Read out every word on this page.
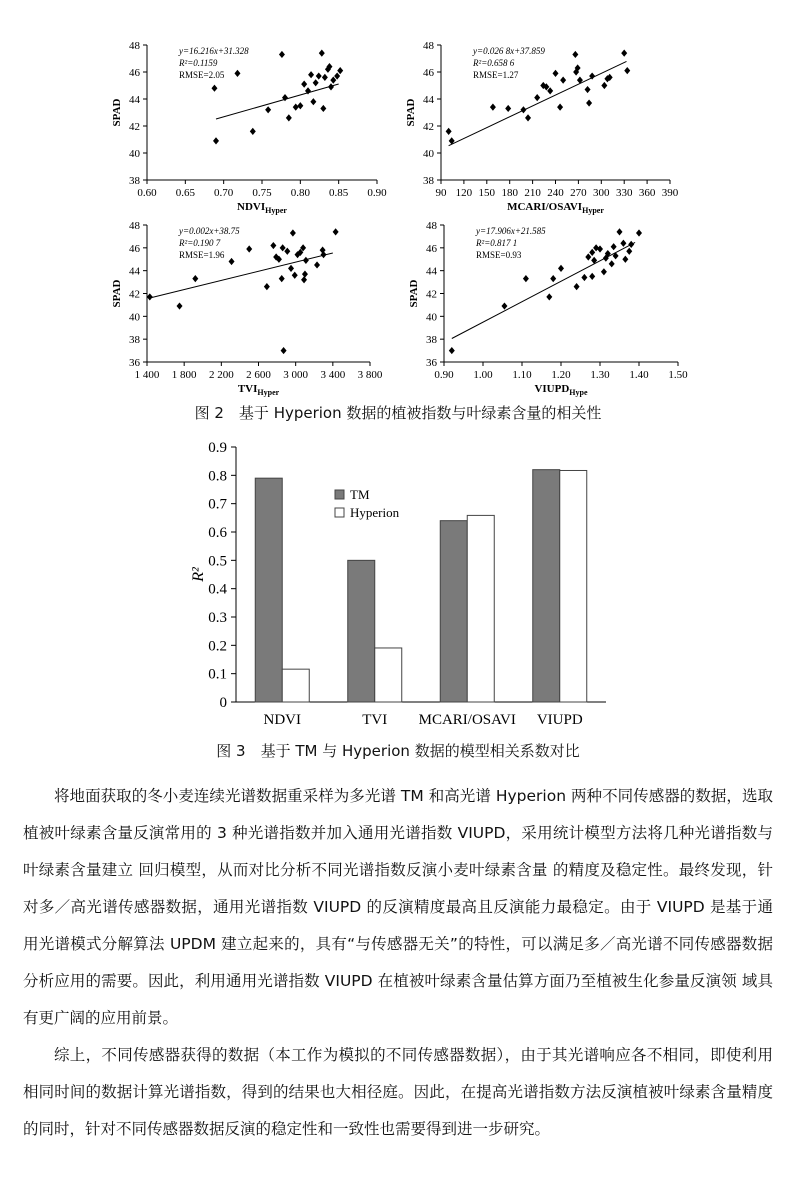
38
40
42
44
46
48
0.60 0.65 0.70 0.75 0.80 0.85 0.90
SPAD
$NDVI_{Hyper}$
y=16.216x+31.328
R²=0.1159
RMSE=2.05
38
40
42
44
46
48
90 120 150 180 210 240 270 300 330 360 390
SPAD
MCARI/$OSAVI_{Hyper}$
y=0.026 8x+37.859
R²=0.658 6
RMSE=1.27
36
38
40
42
44
46
48
1 400 1 800 2 200 2 600 3 000 3 400 3 800
SPAD
$TVI_{Hyper}$
y=0.002x+38.75
R²=0.190 7
RMSE=1.96
36
38
40
42
44
46
48
0.90 1.00 1.10 1.20 1.30 1.40 1.50
SPAD
$VIUPD_{Hype}$
y=17.906x+21.585
R²=0.817 1
RMSE=0.93
图 2　基于 Hyperion 数据的植被指数与叶绿素含量的相关性
0
0.1
0.2
0.3
0.4
0.5
0.6
0.7
0.8
0.9
R²
NDVI	TVI MCARI/OSAVI VIUPD
TM
Hyperion
图 3　基于 TM 与 Hyperion 数据的模型相关系数对比

将地面获取的冬小麦连续光谱数据重采样为多光谱 TM 和高光谱 Hyperion 两种不同传感器的数据，选取植被叶绿素含量反演常用的 3 种光谱指数并加入通用光谱指数 VIUPD，采用统计模型方法将几种光谱指数与叶绿素含量建立 回归模型，从而对比分析不同光谱指数反演小麦叶绿素含量 的精度及稳定性。最终发现，针对多／高光谱传感器数据，通用光谱指数 VIUPD 的反演精度最高且反演能力最稳定。由于 VIUPD 是基于通用光谱模式分解算法 UPDM 建立起来的，具有“与传感器无关”的特性，可以满足多／高光谱不同传感器数据分析应用的需要。因此，利用通用光谱指数 VIUPD 在植被叶绿素含量估算方面乃至植被生化参量反演领 域具有更广阔的应用前景。

综上，不同传感器获得的数据（本工作为模拟的不同传感器数据），由于其光谱响应各不相同，即使利用相同时间的数据计算光谱指数，得到的结果也大相径庭。因此，在提高光谱指数方法反演植被叶绿素含量精度的同时，针对不同传感器数据反演的稳定性和一致性也需要得到进一步研究。
